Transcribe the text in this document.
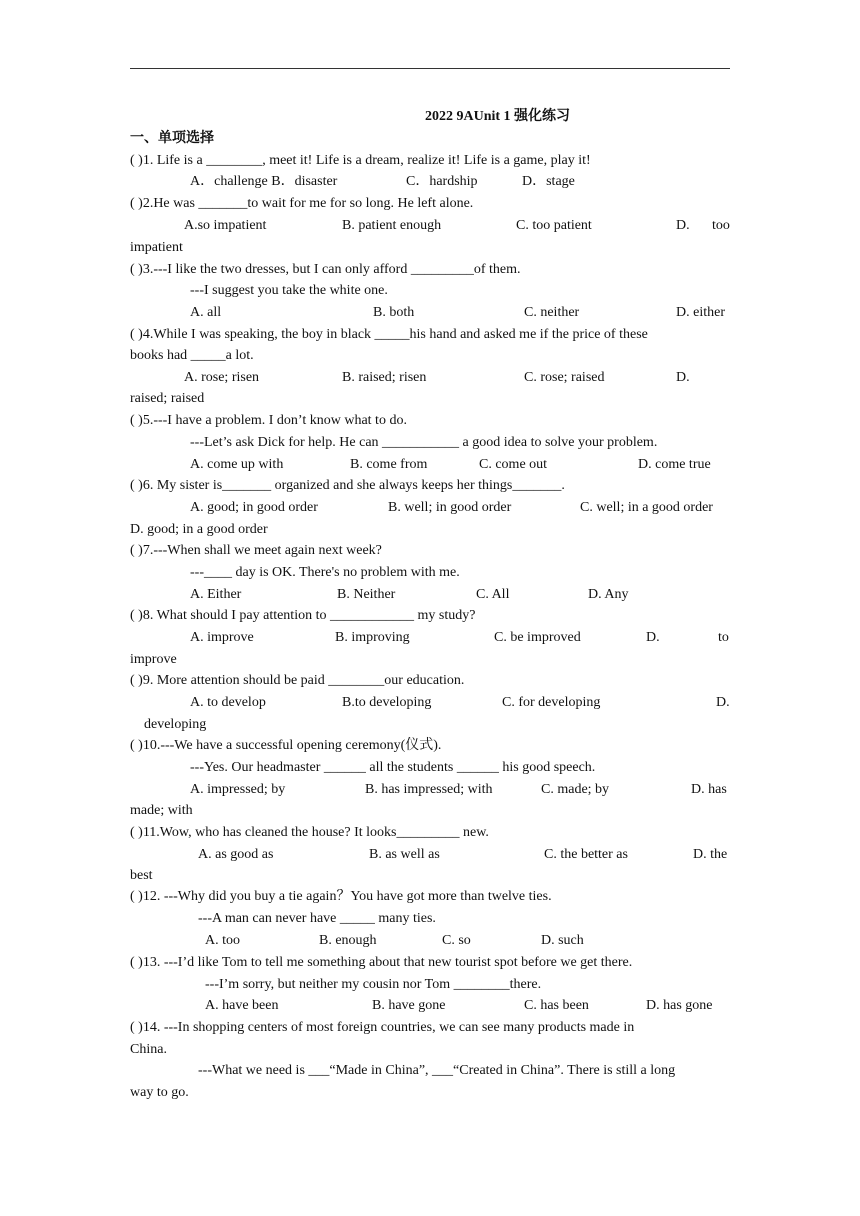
2022 9AUnit 1 强化练习
一、单项选择
( )1. Life is a ________, meet it! Life is a dream, realize it! Life is a game, play it!
A．challenge B．disaster	C．hardship	D．stage
( )2.He was _______to wait for me for so long. He left alone.
A.so impatient	B. patient enough	C. too patient	D. too
impatient
( )3.---I like the two dresses, but I can only afford _________of them.
---I suggest you take the white one.
A. all	B. both	C. neither	D. either
( )4.While I was speaking, the boy in black _____his hand and asked me if the price of these
books had _____a lot.
A. rose; risen	B. raised; risen	C. rose; raised	D.
raised; raised
( )5.---I have a problem. I don’t know what to do.
---Let’s ask Dick for help. He can ___________ a good idea to solve your problem.
A. come up with	B. come from	C. come out	D. come true
( )6. My sister is_______ organized and she always keeps her things_______.
A. good; in good order	B. well; in good order	C. well; in a good order
D. good; in a good order
( )7.---When shall we meet again next week?
---____ day is OK. There's no problem with me.
A. Either	B. Neither	C. All	D. Any
( )8. What should I pay attention to ____________ my study?
A. improve	B. improving	C. be improved	D.	to
improve
( )9. More attention should be paid ________our education.
A. to develop	B.to developing	C. for developing	D.
developing
( )10.---We have a successful opening ceremony(仪式).
---Yes. Our headmaster ______ all the students ______ his good speech.
A. impressed; by	B. has impressed; with	C. made; by	D. has
made; with
( )11.Wow, who has cleaned the house? It looks_________ new.
A. as good as	B. as well as	C. the better as	D. the
best
( )12. ---Why did you buy a tie again？You have got more than twelve ties.
---A man can never have _____ many ties.
A. too	B. enough	C. so	D. such
( )13. ---I’d like Tom to tell me something about that new tourist spot before we get there.
---I’m sorry, but neither my cousin nor Tom ________there.
A. have been	B. have gone	C. has been	D. has gone
( )14. ---In shopping centers of most foreign countries, we can see many products made in
China.
---What we need is ___“Made in China”, ___“Created in China”. There is still a long
way to go.
